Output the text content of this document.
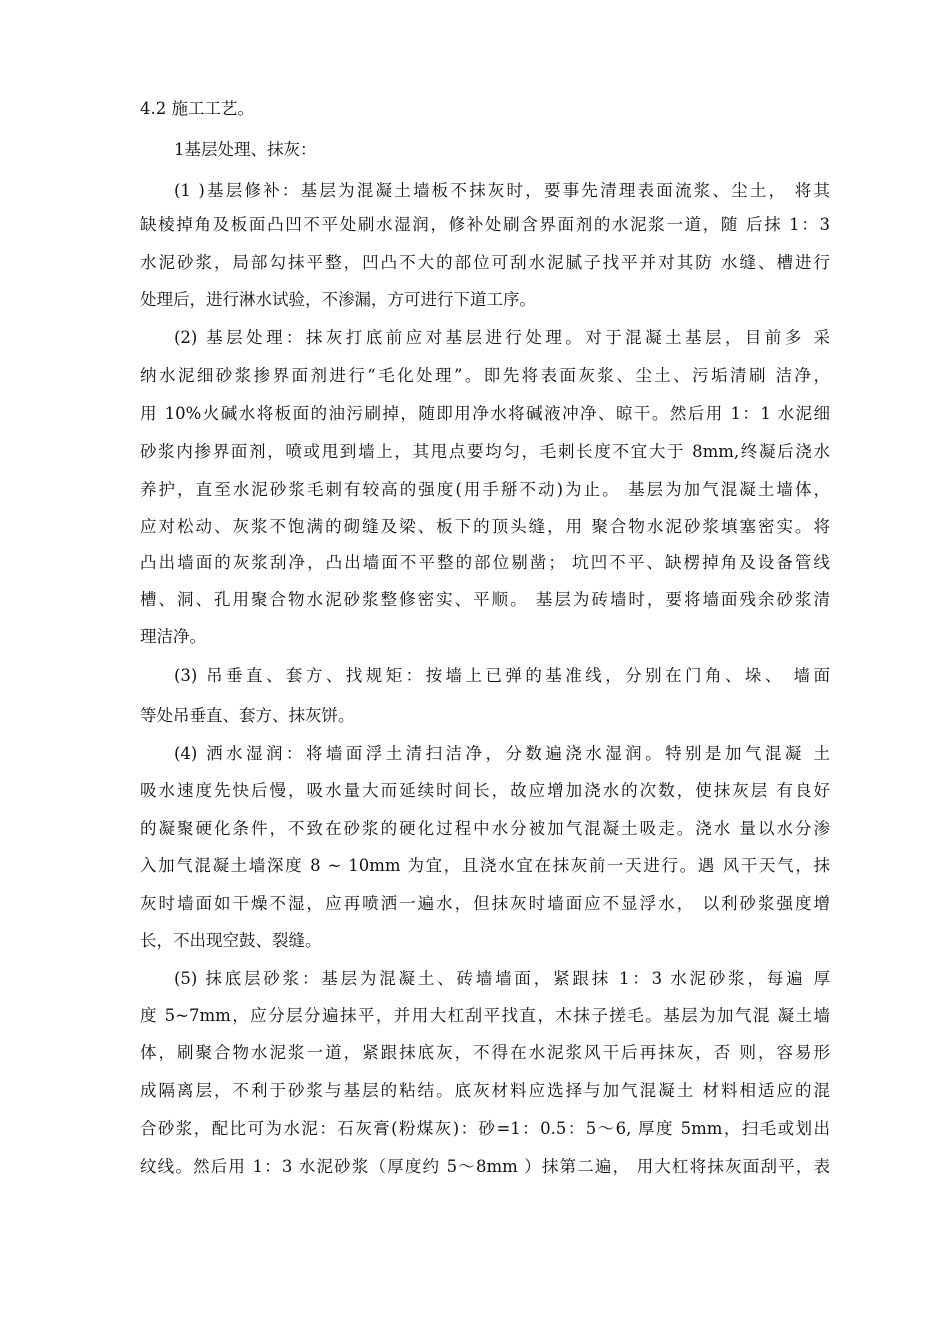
4.2 施工工艺。
1基层处理、抹灰：
(1 )基层修补：基层为混凝土墙板不抹灰时，要事先清理表面流浆、尘土， 将其
缺棱掉角及板面凸凹不平处刷水湿润，修补处刷含界面剂的水泥浆一道，随 后抹 1：3
水泥砂浆，局部勾抹平整，凹凸不大的部位可刮水泥腻子找平并对其防 水缝、槽进行
处理后，进行淋水试验，不渗漏，方可进行下道工序。
(2) 基层处理：抹灰打底前应对基层进行处理。对于混凝土基层，目前多 采
纳水泥细砂浆掺界面剂进行“毛化处理”。即先将表面灰浆、尘土、污垢清刷 洁净，
用 10%火碱水将板面的油污刷掉，随即用净水将碱液冲净、晾干。然后用 1：1 水泥细
砂浆内掺界面剂，喷或甩到墙上，其甩点要均匀，毛刺长度不宜大于 8mm,终凝后浇水
养护，直至水泥砂浆毛刺有较高的强度(用手掰不动)为止。 基层为加气混凝土墙体，
应对松动、灰浆不饱满的砌缝及梁、板下的顶头缝，用 聚合物水泥砂浆填塞密实。将
凸出墙面的灰浆刮净，凸出墙面不平整的部位剔凿； 坑凹不平、缺楞掉角及设备管线
槽、洞、孔用聚合物水泥砂浆整修密实、平顺。 基层为砖墙时，要将墙面残余砂浆清
理洁净。
(3) 吊垂直、套方、找规矩：按墙上已弹的基准线，分别在门角、垛、 墙面
等处吊垂直、套方、抹灰饼。
(4) 洒水湿润：将墙面浮土清扫洁净，分数遍浇水湿润。特别是加气混凝 土
吸水速度先快后慢，吸水量大而延续时间长，故应增加浇水的次数，使抹灰层 有良好
的凝聚硬化条件，不致在砂浆的硬化过程中水分被加气混凝土吸走。浇水 量以水分渗
入加气混凝土墙深度 8 ~ 10mm 为宜，且浇水宜在抹灰前一天进行。遇 风干天气，抹
灰时墙面如干燥不湿，应再喷洒一遍水，但抹灰时墙面应不显浮水， 以利砂浆强度增
长，不出现空鼓、裂缝。
(5) 抹底层砂浆：基层为混凝土、砖墙墙面，紧跟抹 1：3 水泥砂浆，每遍 厚
度 5~7mm，应分层分遍抹平，并用大杠刮平找直，木抹子搓毛。基层为加气混 凝土墙
体，刷聚合物水泥浆一道，紧跟抹底灰，不得在水泥浆风干后再抹灰，否 则，容易形
成隔离层，不利于砂浆与基层的粘结。底灰材料应选择与加气混凝土 材料相适应的混
合砂浆，配比可为水泥：石灰膏(粉煤灰)：砂=1：0.5：5〜6, 厚度 5mm，扫毛或划出
纹线。然后用 1：3 水泥砂浆（厚度约 5〜8mm ）抹第二遍， 用大杠将抹灰面刮平，表
